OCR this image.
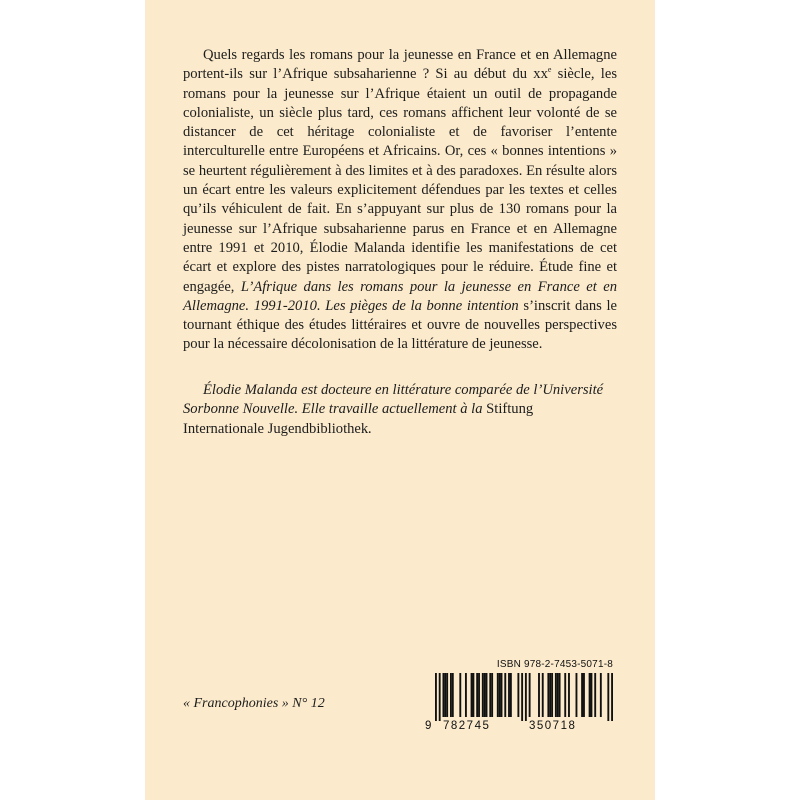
Quels regards les romans pour la jeunesse en France et en Allemagne portent-ils sur l’Afrique subsaharienne ? Si au début du $xx^e$ siècle, les romans pour la jeunesse sur l’Afrique étaient un outil de propagande colonialiste, un siècle plus tard, ces romans affichent leur volonté de se distancer de cet héritage colonialiste et de favoriser l’entente interculturelle entre Européens et Africains. Or, ces « bonnes intentions » se heurtent régulièrement à des limites et à des paradoxes. En résulte alors un écart entre les valeurs explicitement défendues par les textes et celles qu’ils véhiculent de fait. En s’appuyant sur plus de 130 romans pour la jeunesse sur l’Afrique subsaharienne parus en France et en Allemagne entre 1991 et 2010, Élodie Malanda identifie les manifestations de cet écart et explore des pistes narratologiques pour le réduire. Étude fine et engagée, L’Afrique dans les romans pour la jeunesse en France et en Allemagne. 1991-2010. Les pièges de la bonne intention s’inscrit dans le tournant éthique des études littéraires et ouvre de nouvelles perspectives pour la nécessaire décolonisation de la littérature de jeunesse.

Élodie Malanda est docteure en littérature comparée de l’Université Sorbonne Nouvelle. Elle travaille actuellement à la Stiftung Internationale Jugendbibliothek.

« Francophonies » N° 12

ISBN 978-2-7453-5071-8

9

782745

	350718
